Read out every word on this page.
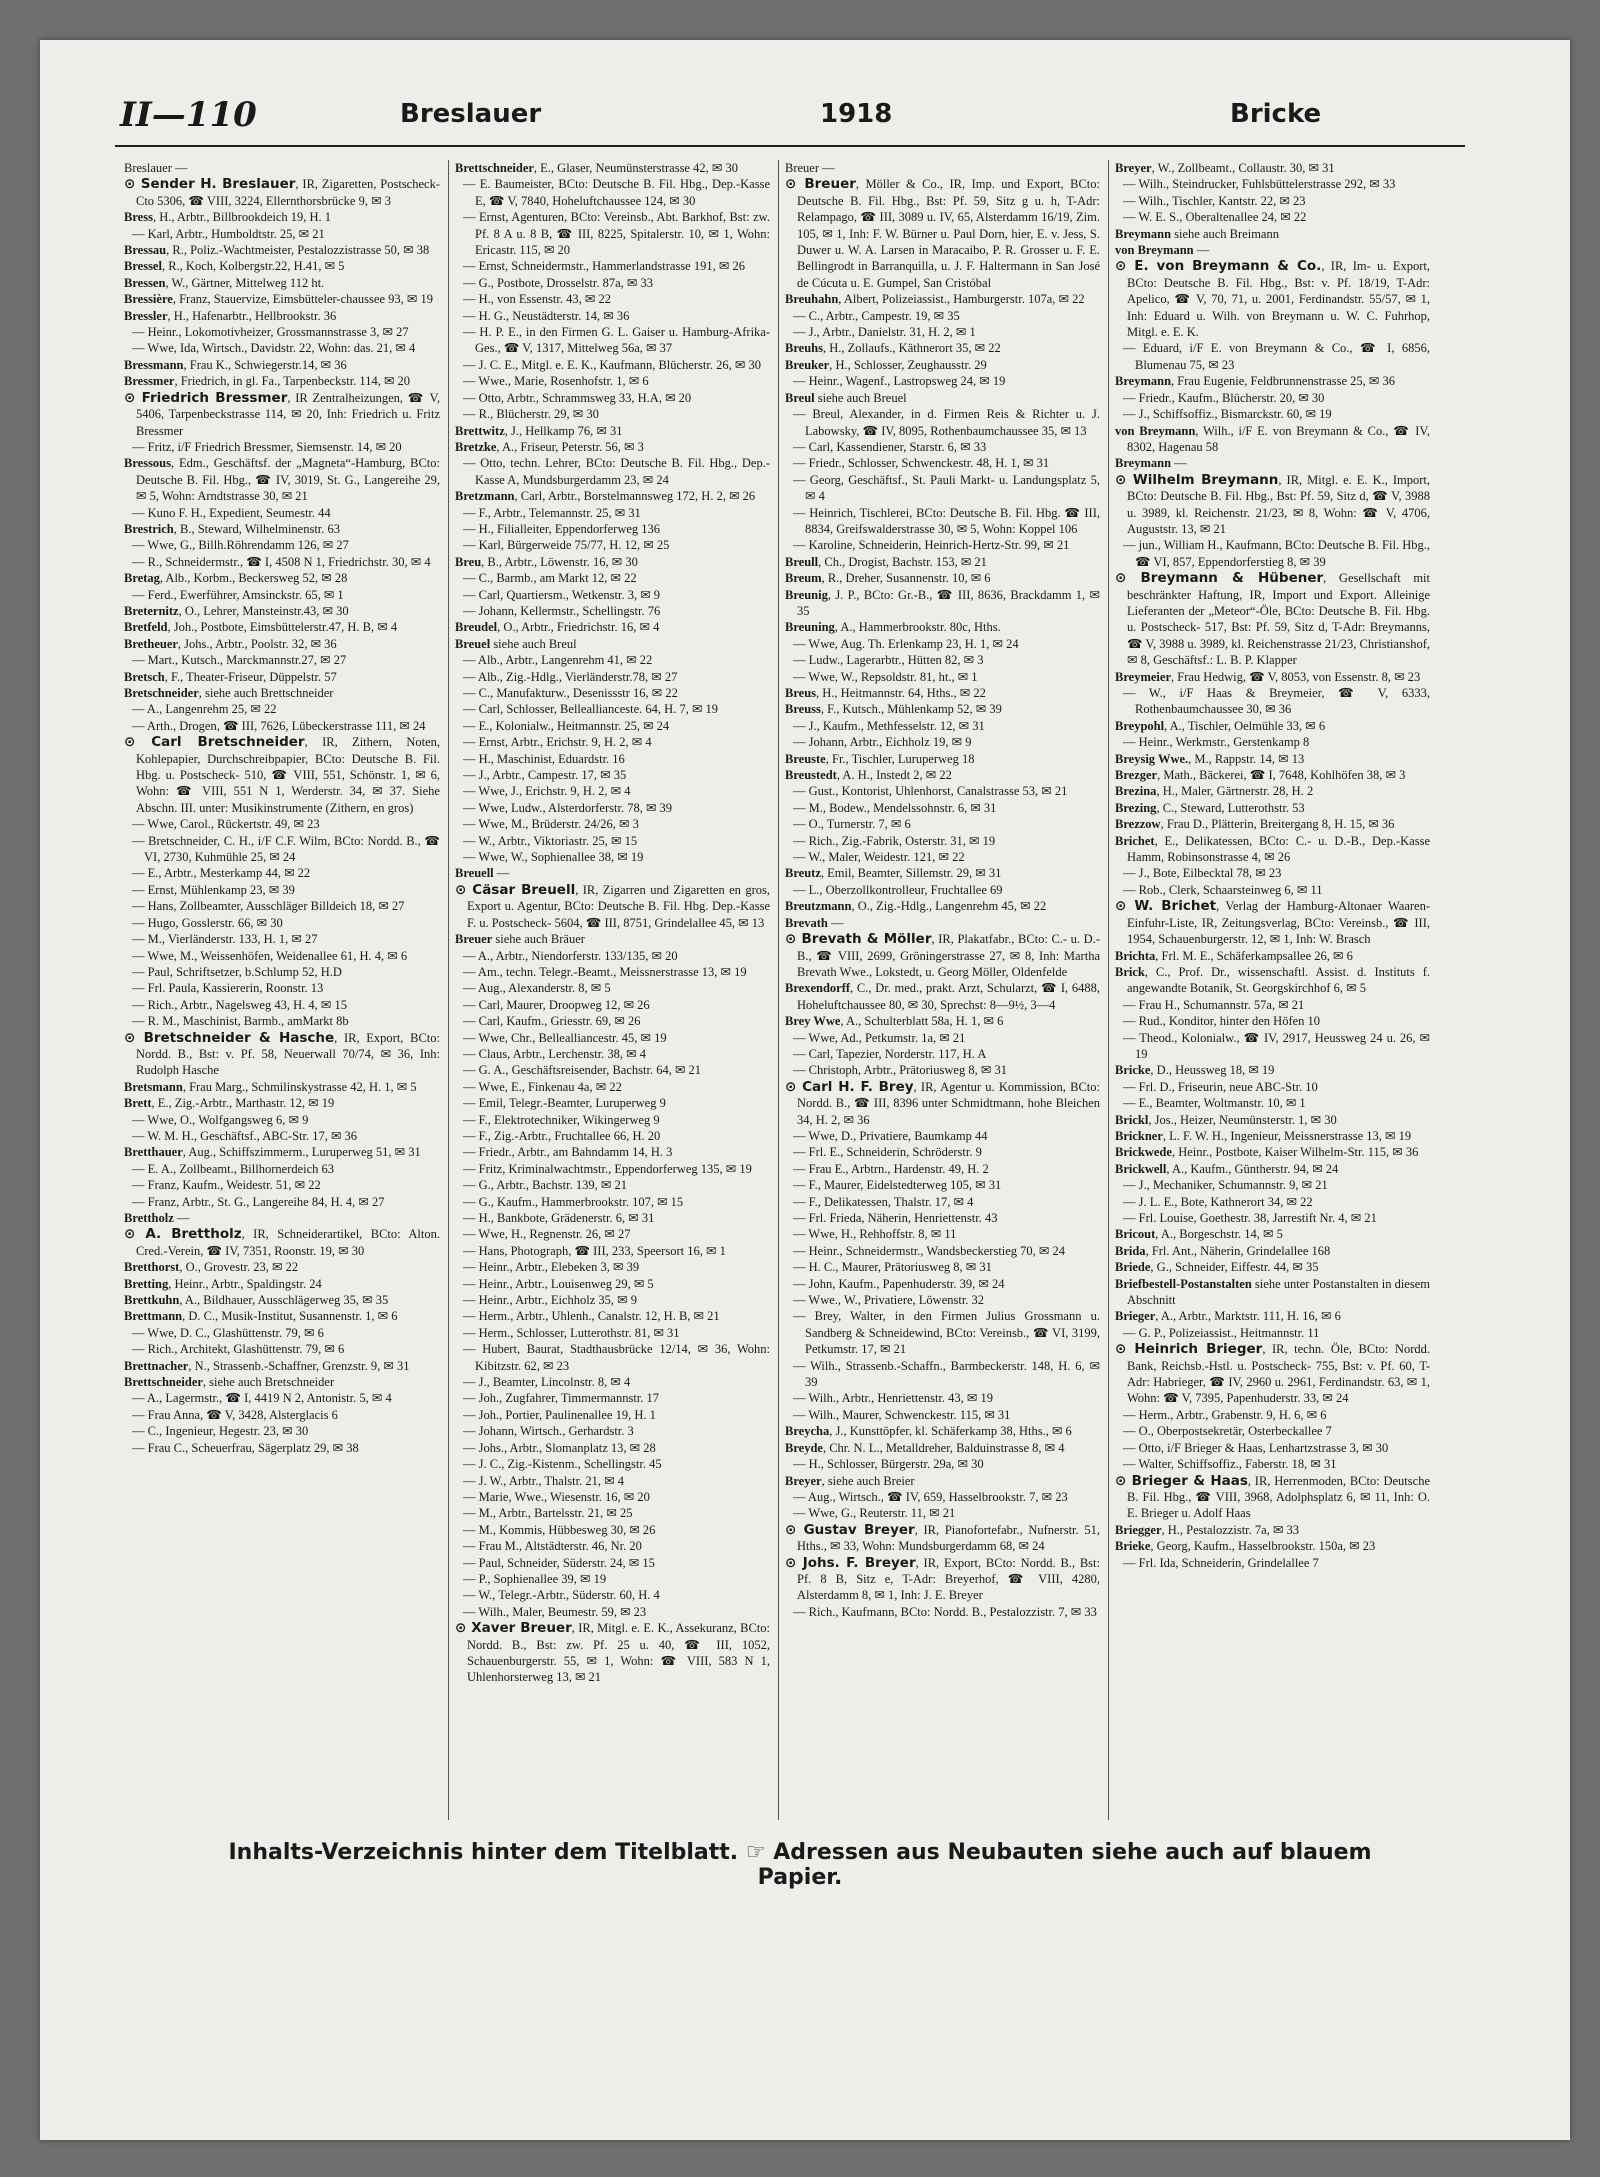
II—110	Breslauer	1918	Bricke

Breslauer —

⊙ Sender H. Breslauer, IR, Zigaretten, Postscheck-Cto 5306, ☎ VIII, 3224, Ellernthorsbrücke 9, ✉ 3

Bress, H., Arbtr., Billbrookdeich 19, H. 1

— Karl, Arbtr., Humboldtstr. 25, ✉ 21

Bressau, R., Poliz.-Wachtmeister, Pestalozzistrasse 50, ✉ 38

Bressel, R., Koch, Kolbergstr.22, H.41, ✉ 5

Bressen, W., Gärtner, Mittelweg 112 ht.

Bressière, Franz, Stauervize, Eimsbütteler-chaussee 93, ✉ 19

Bressler, H., Hafenarbtr., Hellbrookstr. 36

— Heinr., Lokomotivheizer, Grossmannstrasse 3, ✉ 27

— Wwe, Ida, Wirtsch., Davidstr. 22, Wohn: das. 21, ✉ 4

Bressmann, Frau K., Schwiegerstr.14, ✉ 36

Bressmer, Friedrich, in gl. Fa., Tarpenbeckstr. 114, ✉ 20

⊙ Friedrich Bressmer, IR Zentralheizungen, ☎ V, 5406, Tarpenbeckstrasse 114, ✉ 20, Inh: Friedrich u. Fritz Bressmer

— Fritz, i/F Friedrich Bressmer, Siemsenstr. 14, ✉ 20

Bressous, Edm., Geschäftsf. der „Magneta“-Hamburg, BCto: Deutsche B. Fil. Hbg., ☎ IV, 3019, St. G., Langereihe 29, ✉ 5, Wohn: Arndtstrasse 30, ✉ 21

— Kuno F. H., Expedient, Seumestr. 44

Brestrich, B., Steward, Wilhelminenstr. 63

— Wwe, G., Billh.Röhrendamm 126, ✉ 27

— R., Schneidermstr., ☎ I, 4508 N 1, Friedrichstr. 30, ✉ 4

Bretag, Alb., Korbm., Beckersweg 52, ✉ 28

— Ferd., Ewerführer, Amsinckstr. 65, ✉ 1

Breternitz, O., Lehrer, Mansteinstr.43, ✉ 30

Bretfeld, Joh., Postbote, Eimsbüttelerstr.47, H. B, ✉ 4

Bretheuer, Johs., Arbtr., Poolstr. 32, ✉ 36

— Mart., Kutsch., Marckmannstr.27, ✉ 27

Bretsch, F., Theater-Friseur, Düppelstr. 57

Bretschneider, siehe auch Brettschneider

— A., Langenrehm 25, ✉ 22

— Arth., Drogen, ☎ III, 7626, Lübeckerstrasse 111, ✉ 24

⊙ Carl Bretschneider, IR, Zithern, Noten, Kohlepapier, Durchschreibpapier, BCto: Deutsche B. Fil. Hbg. u. Postscheck- 510, ☎ VIII, 551, Schönstr. 1, ✉ 6, Wohn: ☎ VIII, 551 N 1, Werderstr. 34, ✉ 37. Siehe Abschn. III. unter: Musikinstrumente (Zithern, en gros)

— Wwe, Carol., Rückertstr. 49, ✉ 23

— Bretschneider, C. H., i/F C.F. Wilm, BCto: Nordd. B., ☎ VI, 2730, Kuhmühle 25, ✉ 24

— E., Arbtr., Mesterkamp 44, ✉ 22

— Ernst, Mühlenkamp 23, ✉ 39

— Hans, Zollbeamter, Ausschläger Billdeich 18, ✉ 27

— Hugo, Gosslerstr. 66, ✉ 30

— M., Vierländerstr. 133, H. 1, ✉ 27

— Wwe, M., Weissenhöfen, Weidenallee 61, H. 4, ✉ 6

— Paul, Schriftsetzer, b.Schlump 52, H.D

— Frl. Paula, Kassiererin, Roonstr. 13

— Rich., Arbtr., Nagelsweg 43, H. 4, ✉ 15

— R. M., Maschinist, Barmb., amMarkt 8b

⊙ Bretschneider & Hasche, IR, Export, BCto: Nordd. B., Bst: v. Pf. 58, Neuerwall 70/74, ✉ 36, Inh: Rudolph Hasche

Bretsmann, Frau Marg., Schmilinskystrasse 42, H. 1, ✉ 5

Brett, E., Zig.-Arbtr., Marthastr. 12, ✉ 19

— Wwe, O., Wolfgangsweg 6, ✉ 9

— W. M. H., Geschäftsf., ABC-Str. 17, ✉ 36

Bretthauer, Aug., Schiffszimmerm., Luruperweg 51, ✉ 31

— E. A., Zollbeamt., Billhornerdeich 63

— Franz, Kaufm., Weidestr. 51, ✉ 22

— Franz, Arbtr., St. G., Langereihe 84, H. 4, ✉ 27

Brettholz —

⊙ A. Brettholz, IR, Schneiderartikel, BCto: Alton. Cred.-Verein, ☎ IV, 7351, Roonstr. 19, ✉ 30

Bretthorst, O., Grovestr. 23, ✉ 22

Bretting, Heinr., Arbtr., Spaldingstr. 24

Brettkuhn, A., Bildhauer, Ausschlägerweg 35, ✉ 35

Brettmann, D. C., Musik-Institut, Susannenstr. 1, ✉ 6

— Wwe, D. C., Glashüttenstr. 79, ✉ 6

— Rich., Architekt, Glashüttenstr. 79, ✉ 6

Brettnacher, N., Strassenb.-Schaffner, Grenzstr. 9, ✉ 31

Brettschneider, siehe auch Bretschneider

— A., Lagermstr., ☎ I, 4419 N 2, Antonistr. 5, ✉ 4

— Frau Anna, ☎ V, 3428, Alsterglacis 6

— C., Ingenieur, Hegestr. 23, ✉ 30

— Frau C., Scheuerfrau, Sägerplatz 29, ✉ 38

Brettschneider, E., Glaser, Neumünsterstrasse 42, ✉ 30

— E. Baumeister, BCto: Deutsche B. Fil. Hbg., Dep.-Kasse E, ☎ V, 7840, Hoheluftchaussee 124, ✉ 30

— Ernst, Agenturen, BCto: Vereinsb., Abt. Barkhof, Bst: zw. Pf. 8 A u. 8 B, ☎ III, 8225, Spitalerstr. 10, ✉ 1, Wohn: Ericastr. 115, ✉ 20

— Ernst, Schneidermstr., Hammerlandstrasse 191, ✉ 26

— G., Postbote, Drosselstr. 87a, ✉ 33

— H., von Essenstr. 43, ✉ 22

— H. G., Neustädterstr. 14, ✉ 36

— H. P. E., in den Firmen G. L. Gaiser u. Hamburg-Afrika-Ges., ☎ V, 1317, Mittelweg 56a, ✉ 37

— J. C. E., Mitgl. e. E. K., Kaufmann, Blücherstr. 26, ✉ 30

— Wwe., Marie, Rosenhofstr. 1, ✉ 6

— Otto, Arbtr., Schrammsweg 33, H.A, ✉ 20

— R., Blücherstr. 29, ✉ 30

Brettwitz, J., Hellkamp 76, ✉ 31

Bretzke, A., Friseur, Peterstr. 56, ✉ 3

— Otto, techn. Lehrer, BCto: Deutsche B. Fil. Hbg., Dep.-Kasse A, Mundsburgerdamm 23, ✉ 24

Bretzmann, Carl, Arbtr., Borstelmannsweg 172, H. 2, ✉ 26

— F., Arbtr., Telemannstr. 25, ✉ 31

— H., Filialleiter, Eppendorferweg 136

— Karl, Bürgerweide 75/77, H. 12, ✉ 25

Breu, B., Arbtr., Löwenstr. 16, ✉ 30

— C., Barmb., am Markt 12, ✉ 22

— Carl, Quartiersm., Wetkenstr. 3, ✉ 9

— Johann, Kellermstr., Schellingstr. 76

Breudel, O., Arbtr., Friedrichstr. 16, ✉ 4

Breuel siehe auch Breul

— Alb., Arbtr., Langenrehm 41, ✉ 22

— Alb., Zig.-Hdlg., Vierländerstr.78, ✉ 27

— C., Manufakturw., Desenissstr 16, ✉ 22

— Carl, Schlosser, Belleallianceste. 64, H. 7, ✉ 19

— E., Kolonialw., Heitmannstr. 25, ✉ 24

— Ernst, Arbtr., Erichstr. 9, H. 2, ✉ 4

— H., Maschinist, Eduardstr. 16

— J., Arbtr., Campestr. 17, ✉ 35

— Wwe, J., Erichstr. 9, H. 2, ✉ 4

— Wwe, Ludw., Alsterdorferstr. 78, ✉ 39

— Wwe, M., Brüderstr. 24/26, ✉ 3

— W., Arbtr., Viktoriastr. 25, ✉ 15

— Wwe, W., Sophienallee 38, ✉ 19

Breuell —

⊙ Cäsar Breuell, IR, Zigarren und Zigaretten en gros, Export u. Agentur, BCto: Deutsche B. Fil. Hbg. Dep.-Kasse F. u. Postscheck- 5604, ☎ III, 8751, Grindelallee 45, ✉ 13

Breuer siehe auch Bräuer

— A., Arbtr., Niendorferstr. 133/135, ✉ 20

— Am., techn. Telegr.-Beamt., Meissnerstrasse 13, ✉ 19

— Aug., Alexanderstr. 8, ✉ 5

— Carl, Maurer, Droopweg 12, ✉ 26

— Carl, Kaufm., Griesstr. 69, ✉ 26

— Wwe, Chr., Bellealliancestr. 45, ✉ 19

— Claus, Arbtr., Lerchenstr. 38, ✉ 4

— G. A., Geschäftsreisender, Bachstr. 64, ✉ 21

— Wwe, E., Finkenau 4a, ✉ 22

— Emil, Telegr.-Beamter, Luruperweg 9

— F., Elektrotechniker, Wikingerweg 9

— F., Zig.-Arbtr., Fruchtallee 66, H. 20

— Friedr., Arbtr., am Bahndamm 14, H. 3

— Fritz, Kriminalwachtmstr., Eppendorferweg 135, ✉ 19

— G., Arbtr., Bachstr. 139, ✉ 21

— G., Kaufm., Hammerbrookstr. 107, ✉ 15

— H., Bankbote, Grädenerstr. 6, ✉ 31

— Wwe, H., Regnenstr. 26, ✉ 27

— Hans, Photograph, ☎ III, 233, Speersort 16, ✉ 1

— Heinr., Arbtr., Elebeken 3, ✉ 39

— Heinr., Arbtr., Louisenweg 29, ✉ 5

— Heinr., Arbtr., Eichholz 35, ✉ 9

— Herm., Arbtr., Uhlenh., Canalstr. 12, H. B, ✉ 21

— Herm., Schlosser, Lutterothstr. 81, ✉ 31

— Hubert, Baurat, Stadthausbrücke 12/14, ✉ 36, Wohn: Kibitzstr. 62, ✉ 23

— J., Beamter, Lincolnstr. 8, ✉ 4

— Joh., Zugfahrer, Timmermannstr. 17

— Joh., Portier, Paulinenallee 19, H. 1

— Johann, Wirtsch., Gerhardstr. 3

— Johs., Arbtr., Slomanplatz 13, ✉ 28

— J. C., Zig.-Kistenm., Schellingstr. 45

— J. W., Arbtr., Thalstr. 21, ✉ 4

— Marie, Wwe., Wiesenstr. 16, ✉ 20

— M., Arbtr., Bartelsstr. 21, ✉ 25

— M., Kommis, Hübbesweg 30, ✉ 26

— Frau M., Altstädterstr. 46, Nr. 20

— Paul, Schneider, Süderstr. 24, ✉ 15

— P., Sophienallee 39, ✉ 19

— W., Telegr.-Arbtr., Süderstr. 60, H. 4

— Wilh., Maler, Beumestr. 59, ✉ 23

⊙ Xaver Breuer, IR, Mitgl. e. E. K., Assekuranz, BCto: Nordd. B., Bst: zw. Pf. 25 u. 40, ☎ III, 1052, Schauenburgerstr. 55, ✉ 1, Wohn: ☎ VIII, 583 N 1, Uhlenhorsterweg 13, ✉ 21

Breuer —

⊙ Breuer, Möller & Co., IR, Imp. und Export, BCto: Deutsche B. Fil. Hbg., Bst: Pf. 59, Sitz g u. h, T-Adr: Relampago, ☎ III, 3089 u. IV, 65, Alsterdamm 16/19, Zim. 105, ✉ 1, Inh: F. W. Bürner u. Paul Dorn, hier, E. v. Jess, S. Duwer u. W. A. Larsen in Maracaibo, P. R. Grosser u. F. E. Bellingrodt in Barranquilla, u. J. F. Haltermann in San José de Cúcuta u. E. Gumpel, San Cristóbal

Breuhahn, Albert, Polizeiassist., Hamburgerstr. 107a, ✉ 22

— C., Arbtr., Campestr. 19, ✉ 35

— J., Arbtr., Danielstr. 31, H. 2, ✉ 1

Breuhs, H., Zollaufs., Käthnerort 35, ✉ 22

Breuker, H., Schlosser, Zeughausstr. 29

— Heinr., Wagenf., Lastropsweg 24, ✉ 19

Breul siehe auch Breuel

— Breul, Alexander, in d. Firmen Reis & Richter u. J. Labowsky, ☎ IV, 8095, Rothenbaumchaussee 35, ✉ 13

— Carl, Kassendiener, Starstr. 6, ✉ 33

— Friedr., Schlosser, Schwenckestr. 48, H. 1, ✉ 31

— Georg, Geschäftsf., St. Pauli Markt- u. Landungsplatz 5, ✉ 4

— Heinrich, Tischlerei, BCto: Deutsche B. Fil. Hbg. ☎ III, 8834, Greifswalderstrasse 30, ✉ 5, Wohn: Koppel 106

— Karoline, Schneiderin, Heinrich-Hertz-Str. 99, ✉ 21

Breull, Ch., Drogist, Bachstr. 153, ✉ 21

Breum, R., Dreher, Susannenstr. 10, ✉ 6

Breunig, J. P., BCto: Gr.-B., ☎ III, 8636, Brackdamm 1, ✉ 35

Breuning, A., Hammerbrookstr. 80c, Hths.

— Wwe, Aug. Th. Erlenkamp 23, H. 1, ✉ 24

— Ludw., Lagerarbtr., Hütten 82, ✉ 3

— Wwe, W., Repsoldstr. 81, ht., ✉ 1

Breus, H., Heitmannstr. 64, Hths., ✉ 22

Breuss, F., Kutsch., Mühlenkamp 52, ✉ 39

— J., Kaufm., Methfesselstr. 12, ✉ 31

— Johann, Arbtr., Eichholz 19, ✉ 9

Breuste, Fr., Tischler, Luruperweg 18

Breustedt, A. H., Instedt 2, ✉ 22

— Gust., Kontorist, Uhlenhorst, Canalstrasse 53, ✉ 21

— M., Bodew., Mendelssohnstr. 6, ✉ 31

— O., Turnerstr. 7, ✉ 6

— Rich., Zig.-Fabrik, Osterstr. 31, ✉ 19

— W., Maler, Weidestr. 121, ✉ 22

Breutz, Emil, Beamter, Sillemstr. 29, ✉ 31

— L., Oberzollkontrolleur, Fruchtallee 69

Breutzmann, O., Zig.-Hdlg., Langenrehm 45, ✉ 22

Brevath —

⊙ Brevath & Möller, IR, Plakatfabr., BCto: C.- u. D.-B., ☎ VIII, 2699, Gröningerstrasse 27, ✉ 8, Inh: Martha Brevath Wwe., Lokstedt, u. Georg Möller, Oldenfelde

Brexendorff, C., Dr. med., prakt. Arzt, Schularzt, ☎ I, 6488, Hoheluftchaussee 80, ✉ 30, Sprechst: 8—9½, 3—4

Brey Wwe, A., Schulterblatt 58a, H. 1, ✉ 6

— Wwe, Ad., Petkumstr. 1a, ✉ 21

— Carl, Tapezier, Norderstr. 117, H. A

— Christoph, Arbtr., Prätoriusweg 8, ✉ 31

⊙ Carl H. F. Brey, IR, Agentur u. Kommission, BCto: Nordd. B., ☎ III, 8396 unter Schmidtmann, hohe Bleichen 34, H. 2, ✉ 36

— Wwe, D., Privatiere, Baumkamp 44

— Frl. E., Schneiderin, Schröderstr. 9

— Frau E., Arbtrn., Hardenstr. 49, H. 2

— F., Maurer, Eidelstedterweg 105, ✉ 31

— F., Delikatessen, Thalstr. 17, ✉ 4

— Frl. Frieda, Näherin, Henriettenstr. 43

— Wwe, H., Rehhoffstr. 8, ✉ 11

— Heinr., Schneidermstr., Wandsbeckerstieg 70, ✉ 24

— H. C., Maurer, Prätoriusweg 8, ✉ 31

— John, Kaufm., Papenhuderstr. 39, ✉ 24

— Wwe., W., Privatiere, Löwenstr. 32

— Brey, Walter, in den Firmen Julius Grossmann u. Sandberg & Schneidewind, BCto: Vereinsb., ☎ VI, 3199, Petkumstr. 17, ✉ 21

— Wilh., Strassenb.-Schaffn., Barmbeckerstr. 148, H. 6, ✉ 39

— Wilh., Arbtr., Henriettenstr. 43, ✉ 19

— Wilh., Maurer, Schwenckestr. 115, ✉ 31

Breycha, J., Kunsttöpfer, kl. Schäferkamp 38, Hths., ✉ 6

Breyde, Chr. N. L., Metalldreher, Balduinstrasse 8, ✉ 4

— H., Schlosser, Bürgerstr. 29a, ✉ 30

Breyer, siehe auch Breier

— Aug., Wirtsch., ☎ IV, 659, Hasselbrookstr. 7, ✉ 23

— Wwe, G., Reuterstr. 11, ✉ 21

⊙ Gustav Breyer, IR, Pianofortefabr., Nufnerstr. 51, Hths., ✉ 33, Wohn: Mundsburgerdamm 68, ✉ 24

⊙ Johs. F. Breyer, IR, Export, BCto: Nordd. B., Bst: Pf. 8 B, Sitz e, T-Adr: Breyerhof, ☎ VIII, 4280, Alsterdamm 8, ✉ 1, Inh: J. E. Breyer

— Rich., Kaufmann, BCto: Nordd. B., Pestalozzistr. 7, ✉ 33

Breyer, W., Zollbeamt., Collaustr. 30, ✉ 31

— Wilh., Steindrucker, Fuhlsbüttelerstrasse 292, ✉ 33

— Wilh., Tischler, Kantstr. 22, ✉ 23

— W. E. S., Oberaltenallee 24, ✉ 22

Breymann siehe auch Breimann

von Breymann —

⊙ E. von Breymann & Co., IR, Im- u. Export, BCto: Deutsche B. Fil. Hbg., Bst: v. Pf. 18/19, T-Adr: Apelico, ☎ V, 70, 71, u. 2001, Ferdinandstr. 55/57, ✉ 1, Inh: Eduard u. Wilh. von Breymann u. W. C. Fuhrhop, Mitgl. e. E. K.

— Eduard, i/F E. von Breymann & Co., ☎ I, 6856, Blumenau 75, ✉ 23

Breymann, Frau Eugenie, Feldbrunnenstrasse 25, ✉ 36

— Friedr., Kaufm., Blücherstr. 20, ✉ 30

— J., Schiffsoffiz., Bismarckstr. 60, ✉ 19

von Breymann, Wilh., i/F E. von Breymann & Co., ☎ IV, 8302, Hagenau 58

Breymann —

⊙ Wilhelm Breymann, IR, Mitgl. e. E. K., Import, BCto: Deutsche B. Fil. Hbg., Bst: Pf. 59, Sitz d, ☎ V, 3988 u. 3989, kl. Reichenstr. 21/23, ✉ 8, Wohn: ☎ V, 4706, Auguststr. 13, ✉ 21

— jun., William H., Kaufmann, BCto: Deutsche B. Fil. Hbg., ☎ VI, 857, Eppendorferstieg 8, ✉ 39

⊙ Breymann & Hübener, Gesellschaft mit beschränkter Haftung, IR, Import und Export. Alleinige Lieferanten der „Meteor“-Öle, BCto: Deutsche B. Fil. Hbg. u. Postscheck- 517, Bst: Pf. 59, Sitz d, T-Adr: Breymanns, ☎ V, 3988 u. 3989, kl. Reichenstrasse 21/23, Christianshof, ✉ 8, Geschäftsf.: L. B. P. Klapper

Breymeier, Frau Hedwig, ☎ V, 8053, von Essenstr. 8, ✉ 23

— W., i/F Haas & Breymeier, ☎ V, 6333, Rothenbaumchaussee 30, ✉ 36

Breypohl, A., Tischler, Oelmühle 33, ✉ 6

— Heinr., Werkmstr., Gerstenkamp 8

Breysig Wwe., M., Rappstr. 14, ✉ 13

Brezger, Math., Bäckerei, ☎ I, 7648, Kohlhöfen 38, ✉ 3

Brezina, H., Maler, Gärtnerstr. 28, H. 2

Brezing, C., Steward, Lutterothstr. 53

Brezzow, Frau D., Plätterin, Breitergang 8, H. 15, ✉ 36

Brichet, E., Delikatessen, BCto: C.- u. D.-B., Dep.-Kasse Hamm, Robinsonstrasse 4, ✉ 26

— J., Bote, Eilbecktal 78, ✉ 23

— Rob., Clerk, Schaarsteinweg 6, ✉ 11

⊙ W. Brichet, Verlag der Hamburg-Altonaer Waaren-Einfuhr-Liste, IR, Zeitungsverlag, BCto: Vereinsb., ☎ III, 1954, Schauenburgerstr. 12, ✉ 1, Inh: W. Brasch

Brichta, Frl. M. E., Schäferkampsallee 26, ✉ 6

Brick, C., Prof. Dr., wissenschaftl. Assist. d. Instituts f. angewandte Botanik, St. Georgskirchhof 6, ✉ 5

— Frau H., Schumannstr. 57a, ✉ 21

— Rud., Konditor, hinter den Höfen 10

— Theod., Kolonialw., ☎ IV, 2917, Heussweg 24 u. 26, ✉ 19

Bricke, D., Heussweg 18, ✉ 19

— Frl. D., Friseurin, neue ABC-Str. 10

— E., Beamter, Woltmanstr. 10, ✉ 1

Brickl, Jos., Heizer, Neumünsterstr. 1, ✉ 30

Brickner, L. F. W. H., Ingenieur, Meissnerstrasse 13, ✉ 19

Brickwede, Heinr., Postbote, Kaiser Wilhelm-Str. 115, ✉ 36

Brickwell, A., Kaufm., Güntherstr. 94, ✉ 24

— J., Mechaniker, Schumannstr. 9, ✉ 21

— J. L. E., Bote, Kathnerort 34, ✉ 22

— Frl. Louise, Goethestr. 38, Jarrestift Nr. 4, ✉ 21

Bricout, A., Borgeschstr. 14, ✉ 5

Brida, Frl. Ant., Näherin, Grindelallee 168

Briede, G., Schneider, Eiffestr. 44, ✉ 35

Briefbestell-Postanstalten siehe unter Postanstalten in diesem Abschnitt

Brieger, A., Arbtr., Marktstr. 111, H. 16, ✉ 6

— G. P., Polizeiassist., Heitmannstr. 11

⊙ Heinrich Brieger, IR, techn. Öle, BCto: Nordd. Bank, Reichsb.-Hstl. u. Postscheck- 755, Bst: v. Pf. 60, T-Adr: Habrieger, ☎ IV, 2960 u. 2961, Ferdinandstr. 63, ✉ 1, Wohn: ☎ V, 7395, Papenhuderstr. 33, ✉ 24

— Herm., Arbtr., Grabenstr. 9, H. 6, ✉ 6

— O., Oberpostsekretär, Osterbeckallee 7

— Otto, i/F Brieger & Haas, Lenhartzstrasse 3, ✉ 30

— Walter, Schiffsoffiz., Faberstr. 18, ✉ 31

⊙ Brieger & Haas, IR, Herrenmoden, BCto: Deutsche B. Fil. Hbg., ☎ VIII, 3968, Adolphsplatz 6, ✉ 11, Inh: O. E. Brieger u. Adolf Haas

Briegger, H., Pestalozzistr. 7a, ✉ 33

Brieke, Georg, Kaufm., Hasselbrookstr. 150a, ✉ 23

— Frl. Ida, Schneiderin, Grindelallee 7

Inhalts-Verzeichnis hinter dem Titelblatt. ☞ Adressen aus Neubauten siehe auch auf blauem Papier.
